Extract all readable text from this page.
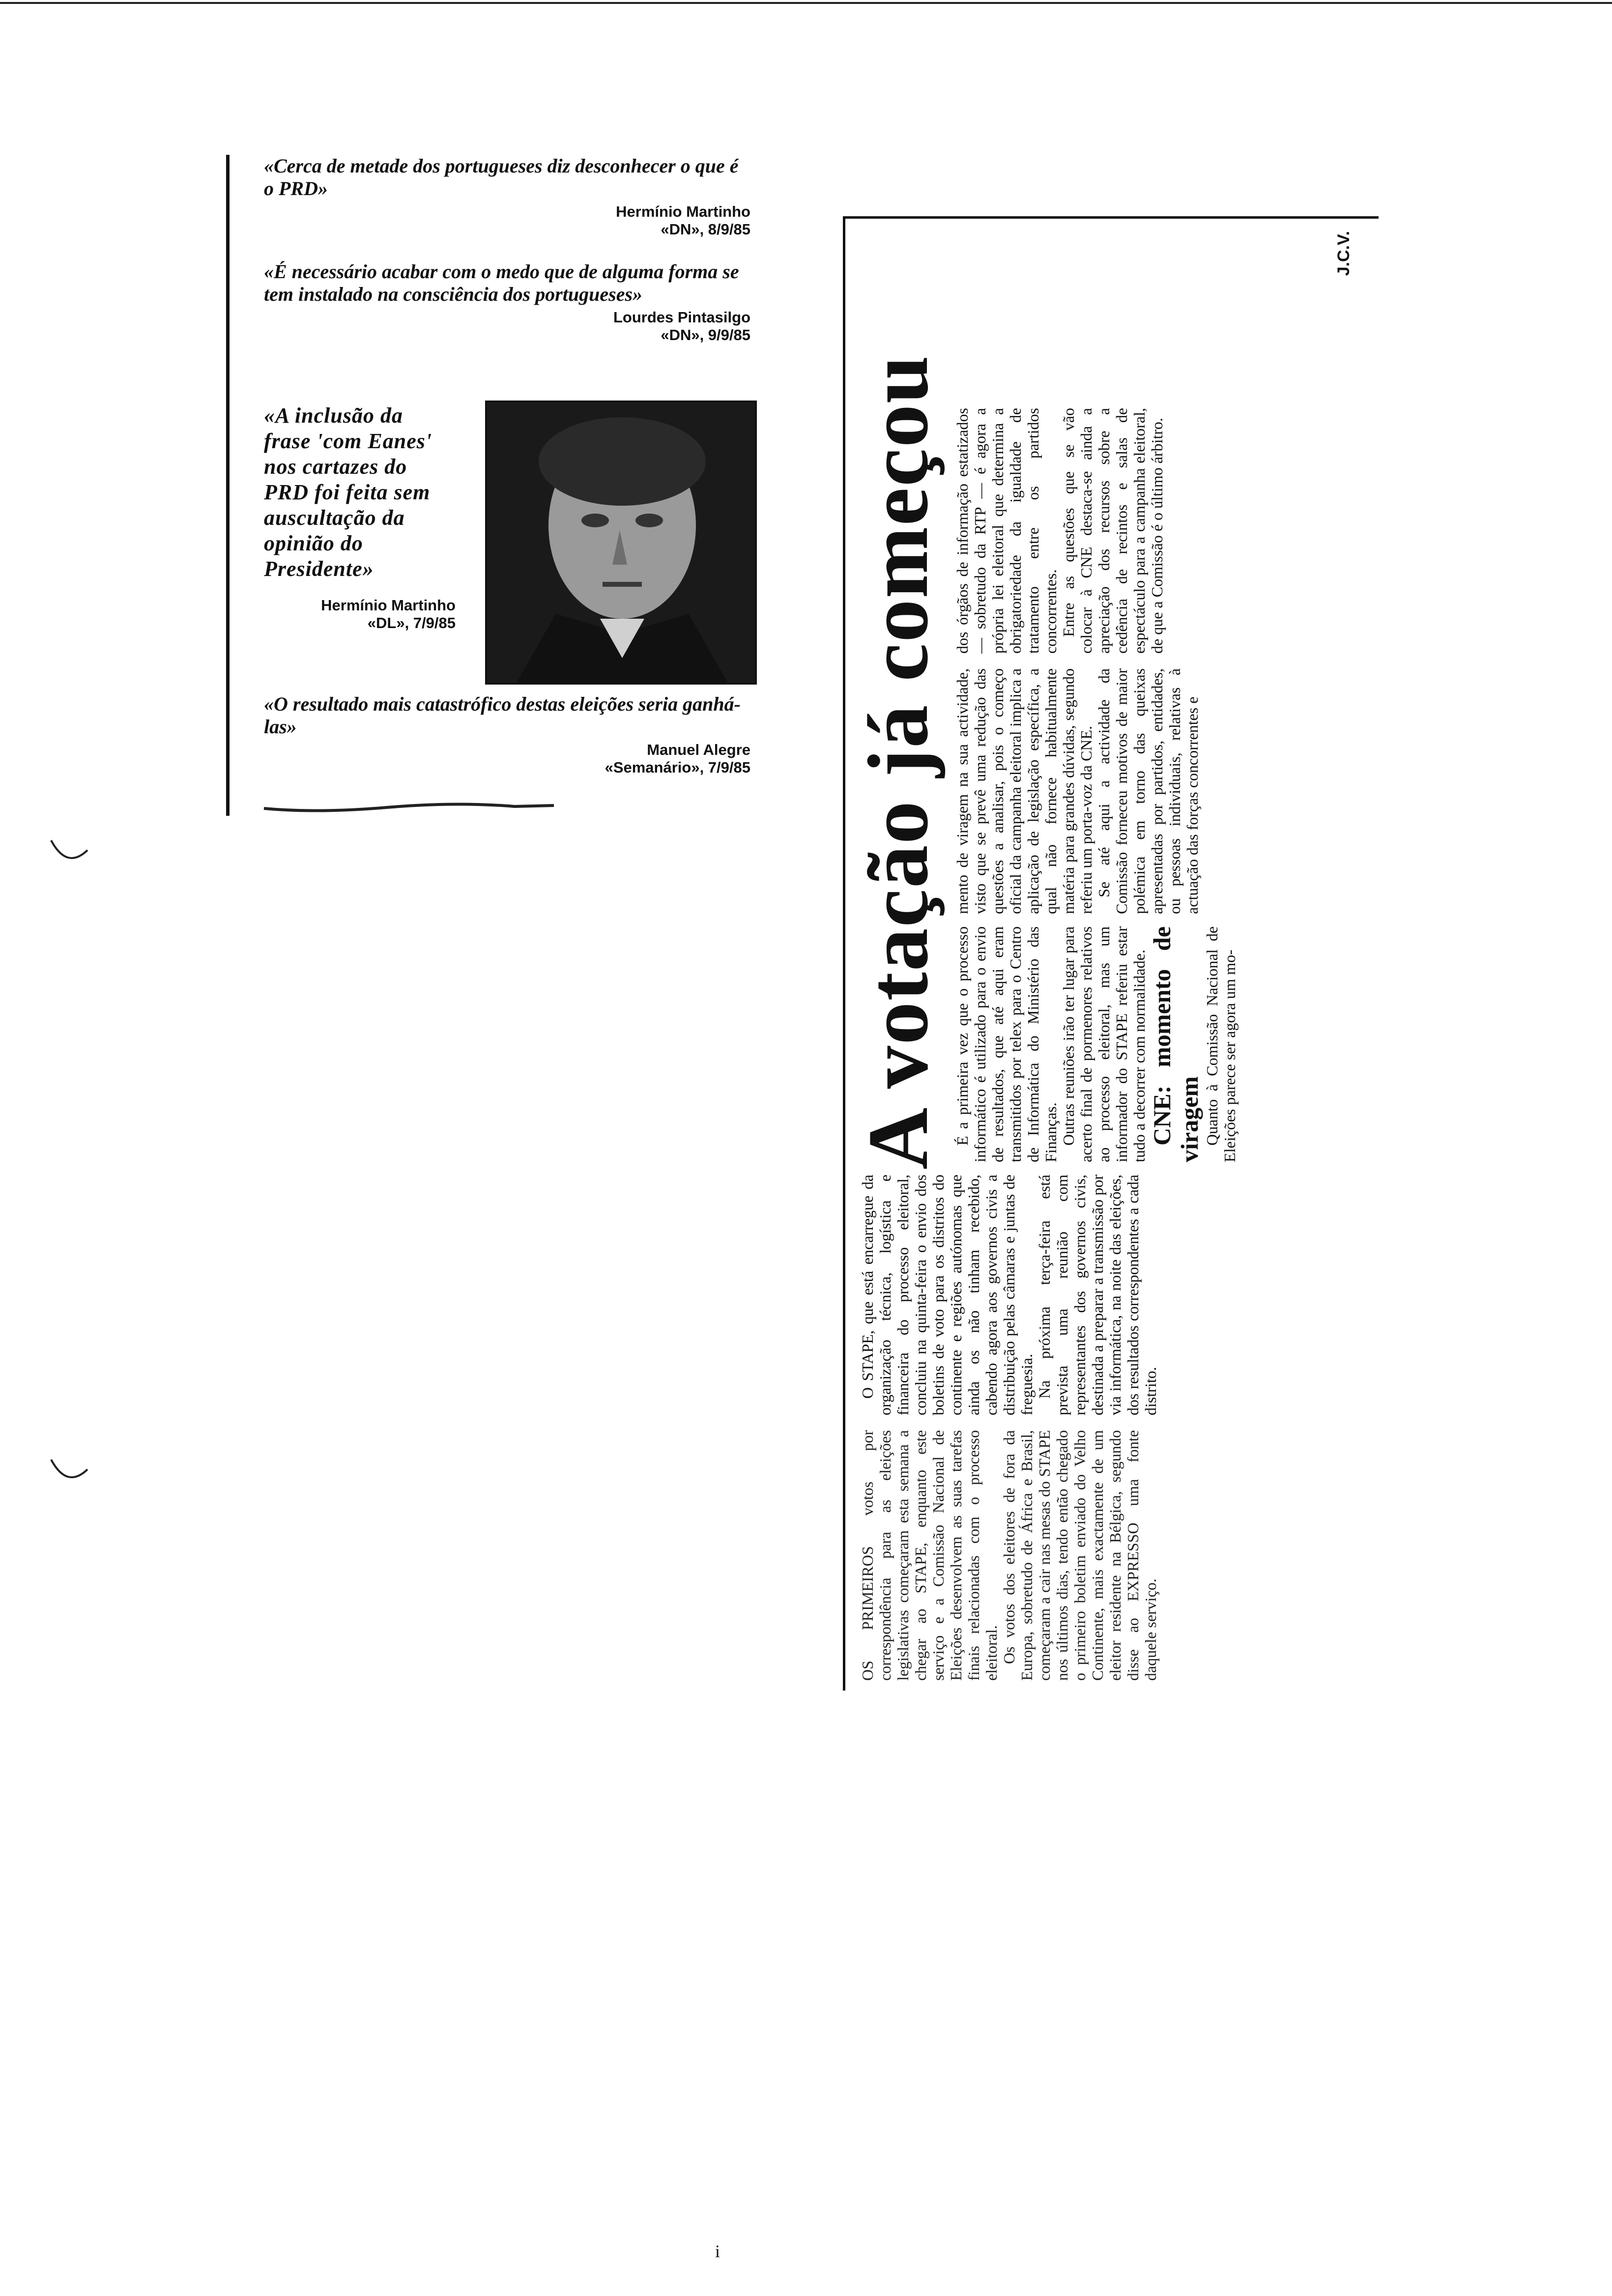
«Cerca de metade dos portugueses diz desconhecer o que é o PRD»

Hermínio Martinho
«DN», 8/9/85

«É necessário acabar com o medo que de alguma forma se tem instalado na consciência dos portugueses»

Lourdes Pintasilgo
«DN», 9/9/85

«A inclusão da frase 'com Eanes' nos cartazes do PRD foi feita sem auscultação da opinião do Presidente»

Hermínio Martinho
«DL», 7/9/85

«O resultado mais catastrófico destas eleições seria ganhá-las»

Manuel Alegre
«Semanário», 7/9/85 A votação já começou

OS PRIMEIROS votos por correspondência para as eleições legislativas começaram esta semana a chegar ao STAPE, enquanto este serviço e a Comissão Nacional de Eleições desenvolvem as suas tarefas finais relacionadas com o processo eleitoral. Os votos dos eleitores de fora da Europa, sobretudo de África e Brasil, começaram a cair nas mesas do STAPE nos últimos dias, tendo então chegado o primeiro boletim enviado do Velho Continente, mais exactamente de um eleitor residente na Bélgica, segundo disse ao EXPRESSO uma fonte daquele serviço.

O STAPE, que está encarregue da organização técnica, logística e financeira do processo eleitoral, concluiu na quinta-feira o envio dos boletins de voto para os distritos do continente e regiões autónomas que ainda os não tinham recebido, cabendo agora aos governos civis a distribuição pelas câmaras e juntas de freguesia. Na próxima terça-feira está prevista uma reunião com representantes dos governos civis, destinada a preparar a transmissão por via informática, na noite das eleições, dos resultados correspondentes a cada distrito.

É a primeira vez que o processo informático é utilizado para o envio de resultados, que até aqui eram transmitidos por telex para o Centro de Informática do Ministério das Finanças. Outras reuniões irão ter lugar para acerto final de pormenores relativos ao processo eleitoral, mas um informador do STAPE referiu estar tudo a decorrer com normalidade. CNE: momento de viragem Quanto à Comissão Nacional de Eleições parece ser agora um mo-

mento de viragem na sua actividade, visto que se prevê uma redução das questões a analisar, pois o começo oficial da campanha eleitoral implica a aplicação de legislação específica, a qual não fornece habitualmente matéria para grandes dúvidas, segundo referiu um porta-voz da CNE. Se até aqui a actividade da Comissão forneceu motivos de maior polémica em torno das queixas apresentadas por partidos, entidades, ou pessoas individuais, relativas à actuação das forças concorrentes e

dos órgãos de informação estatizados — sobretudo da RTP — é agora a própria lei eleitoral que determina a obrigatoriedade da igualdade de tratamento entre os partidos concorrentes. Entre as questões que se vão colocar à CNE destaca-se ainda a apreciação dos recursos sobre a cedência de recintos e salas de espectáculo para a campanha eleitoral, de que a Comissão é o último árbitro.

J.C.V.
i
